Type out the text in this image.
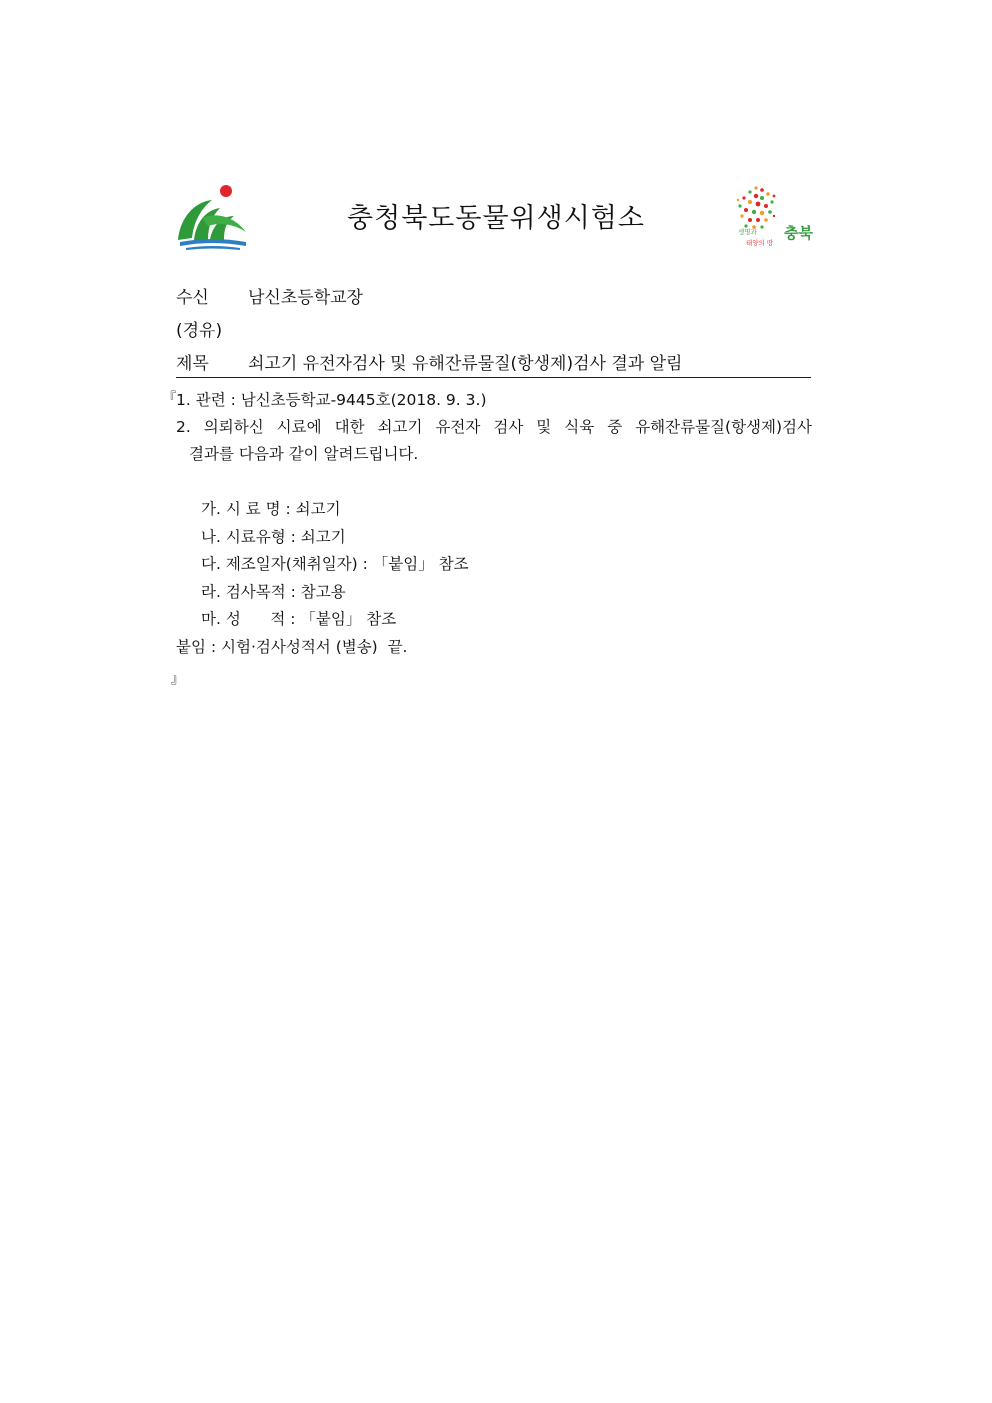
충청북도동물위생시험소	생명과 충북
태양의 땅
수신 남신초등학교장
(경유)
제목 쇠고기 유전자검사 및 유해잔류물질(항생제)검사 결과 알림
『 1. 관련 : 남신초등학교-9445호(2018. 9. 3.)
2. 의뢰하신 시료에 대한 쇠고기 유전자 검사 및 식육 중 유해잔류물질(항생제)검사
결과를 다음과 같이 알려드립니다.
가. 시 료 명 : 쇠고기
나. 시료유형 : 쇠고기
다. 제조일자(채취일자) : 「붙임」 참조
라. 검사목적 : 참고용
마. 성      적 : 「붙임」 참조
붙임 : 시험·검사성적서 (별송)  끝.
』
